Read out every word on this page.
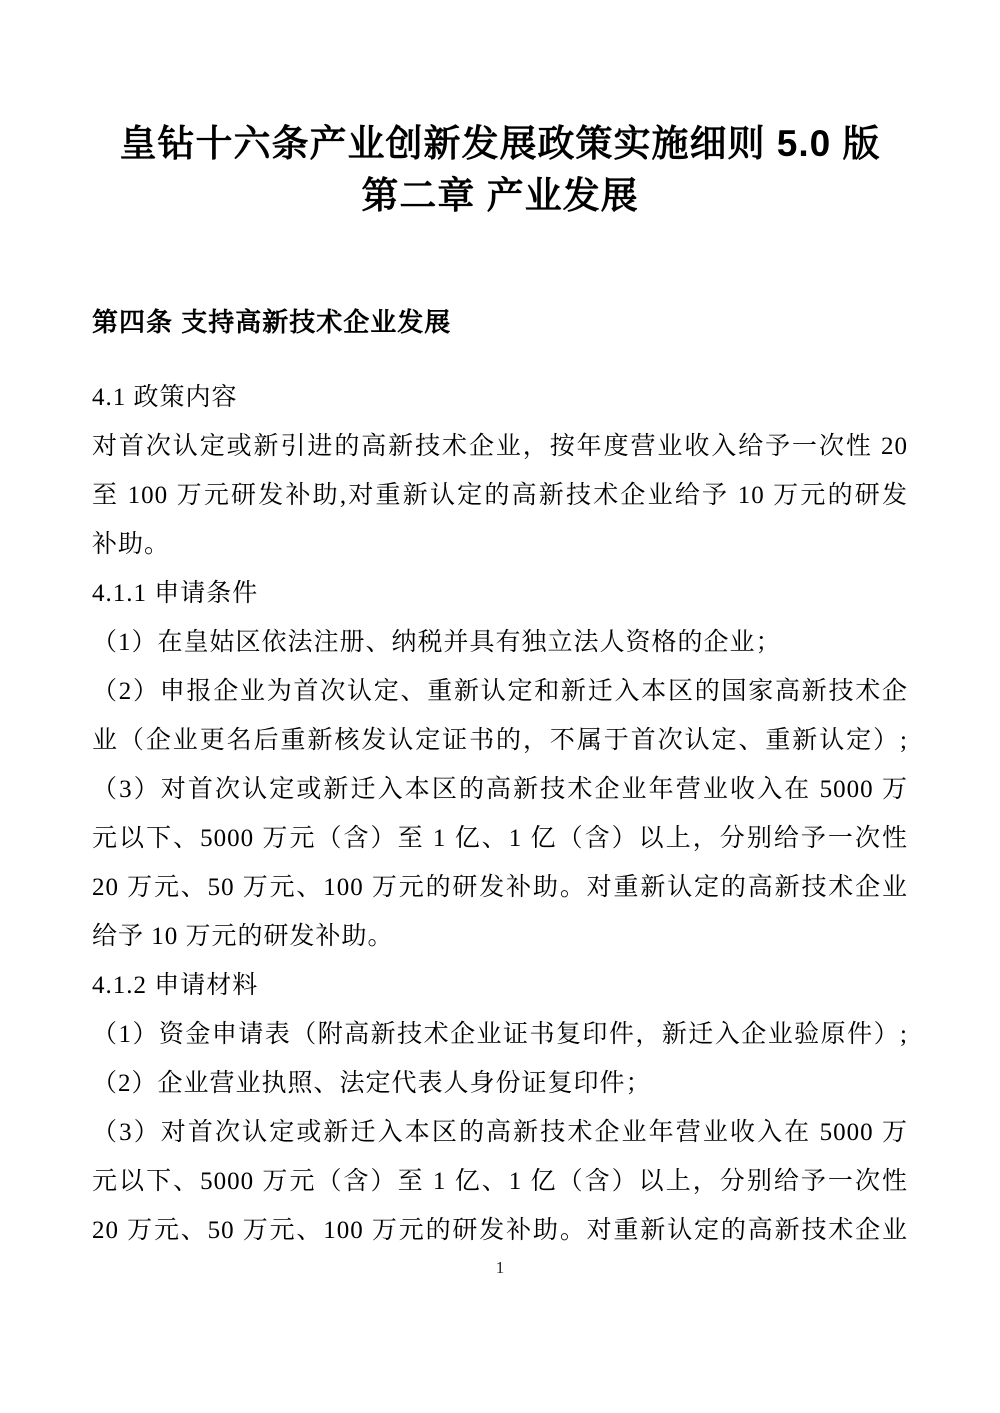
皇钻十六条产业创新发展政策实施细则 5.0 版
第二章 产业发展
第四条 支持高新技术企业发展
4.1 政策内容
对首次认定或新引进的高新技术企业，按年度营业收入给予一次性 20
至 100 万元研发补助,对重新认定的高新技术企业给予 10 万元的研发
补助。
4.1.1 申请条件
（1）在皇姑区依法注册、纳税并具有独立法人资格的企业；
（2）申报企业为首次认定、重新认定和新迁入本区的国家高新技术企
业（企业更名后重新核发认定证书的，不属于首次认定、重新认定）;
（3）对首次认定或新迁入本区的高新技术企业年营业收入在 5000 万
元以下、5000 万元（含）至 1 亿、1 亿（含）以上，分别给予一次性
20 万元、50 万元、100 万元的研发补助。对重新认定的高新技术企业
给予 10 万元的研发补助。
4.1.2 申请材料
（1）资金申请表（附高新技术企业证书复印件，新迁入企业验原件）;
（2）企业营业执照、法定代表人身份证复印件；
（3）对首次认定或新迁入本区的高新技术企业年营业收入在 5000 万
元以下、5000 万元（含）至 1 亿、1 亿（含）以上，分别给予一次性
20 万元、50 万元、100 万元的研发补助。对重新认定的高新技术企业
1
